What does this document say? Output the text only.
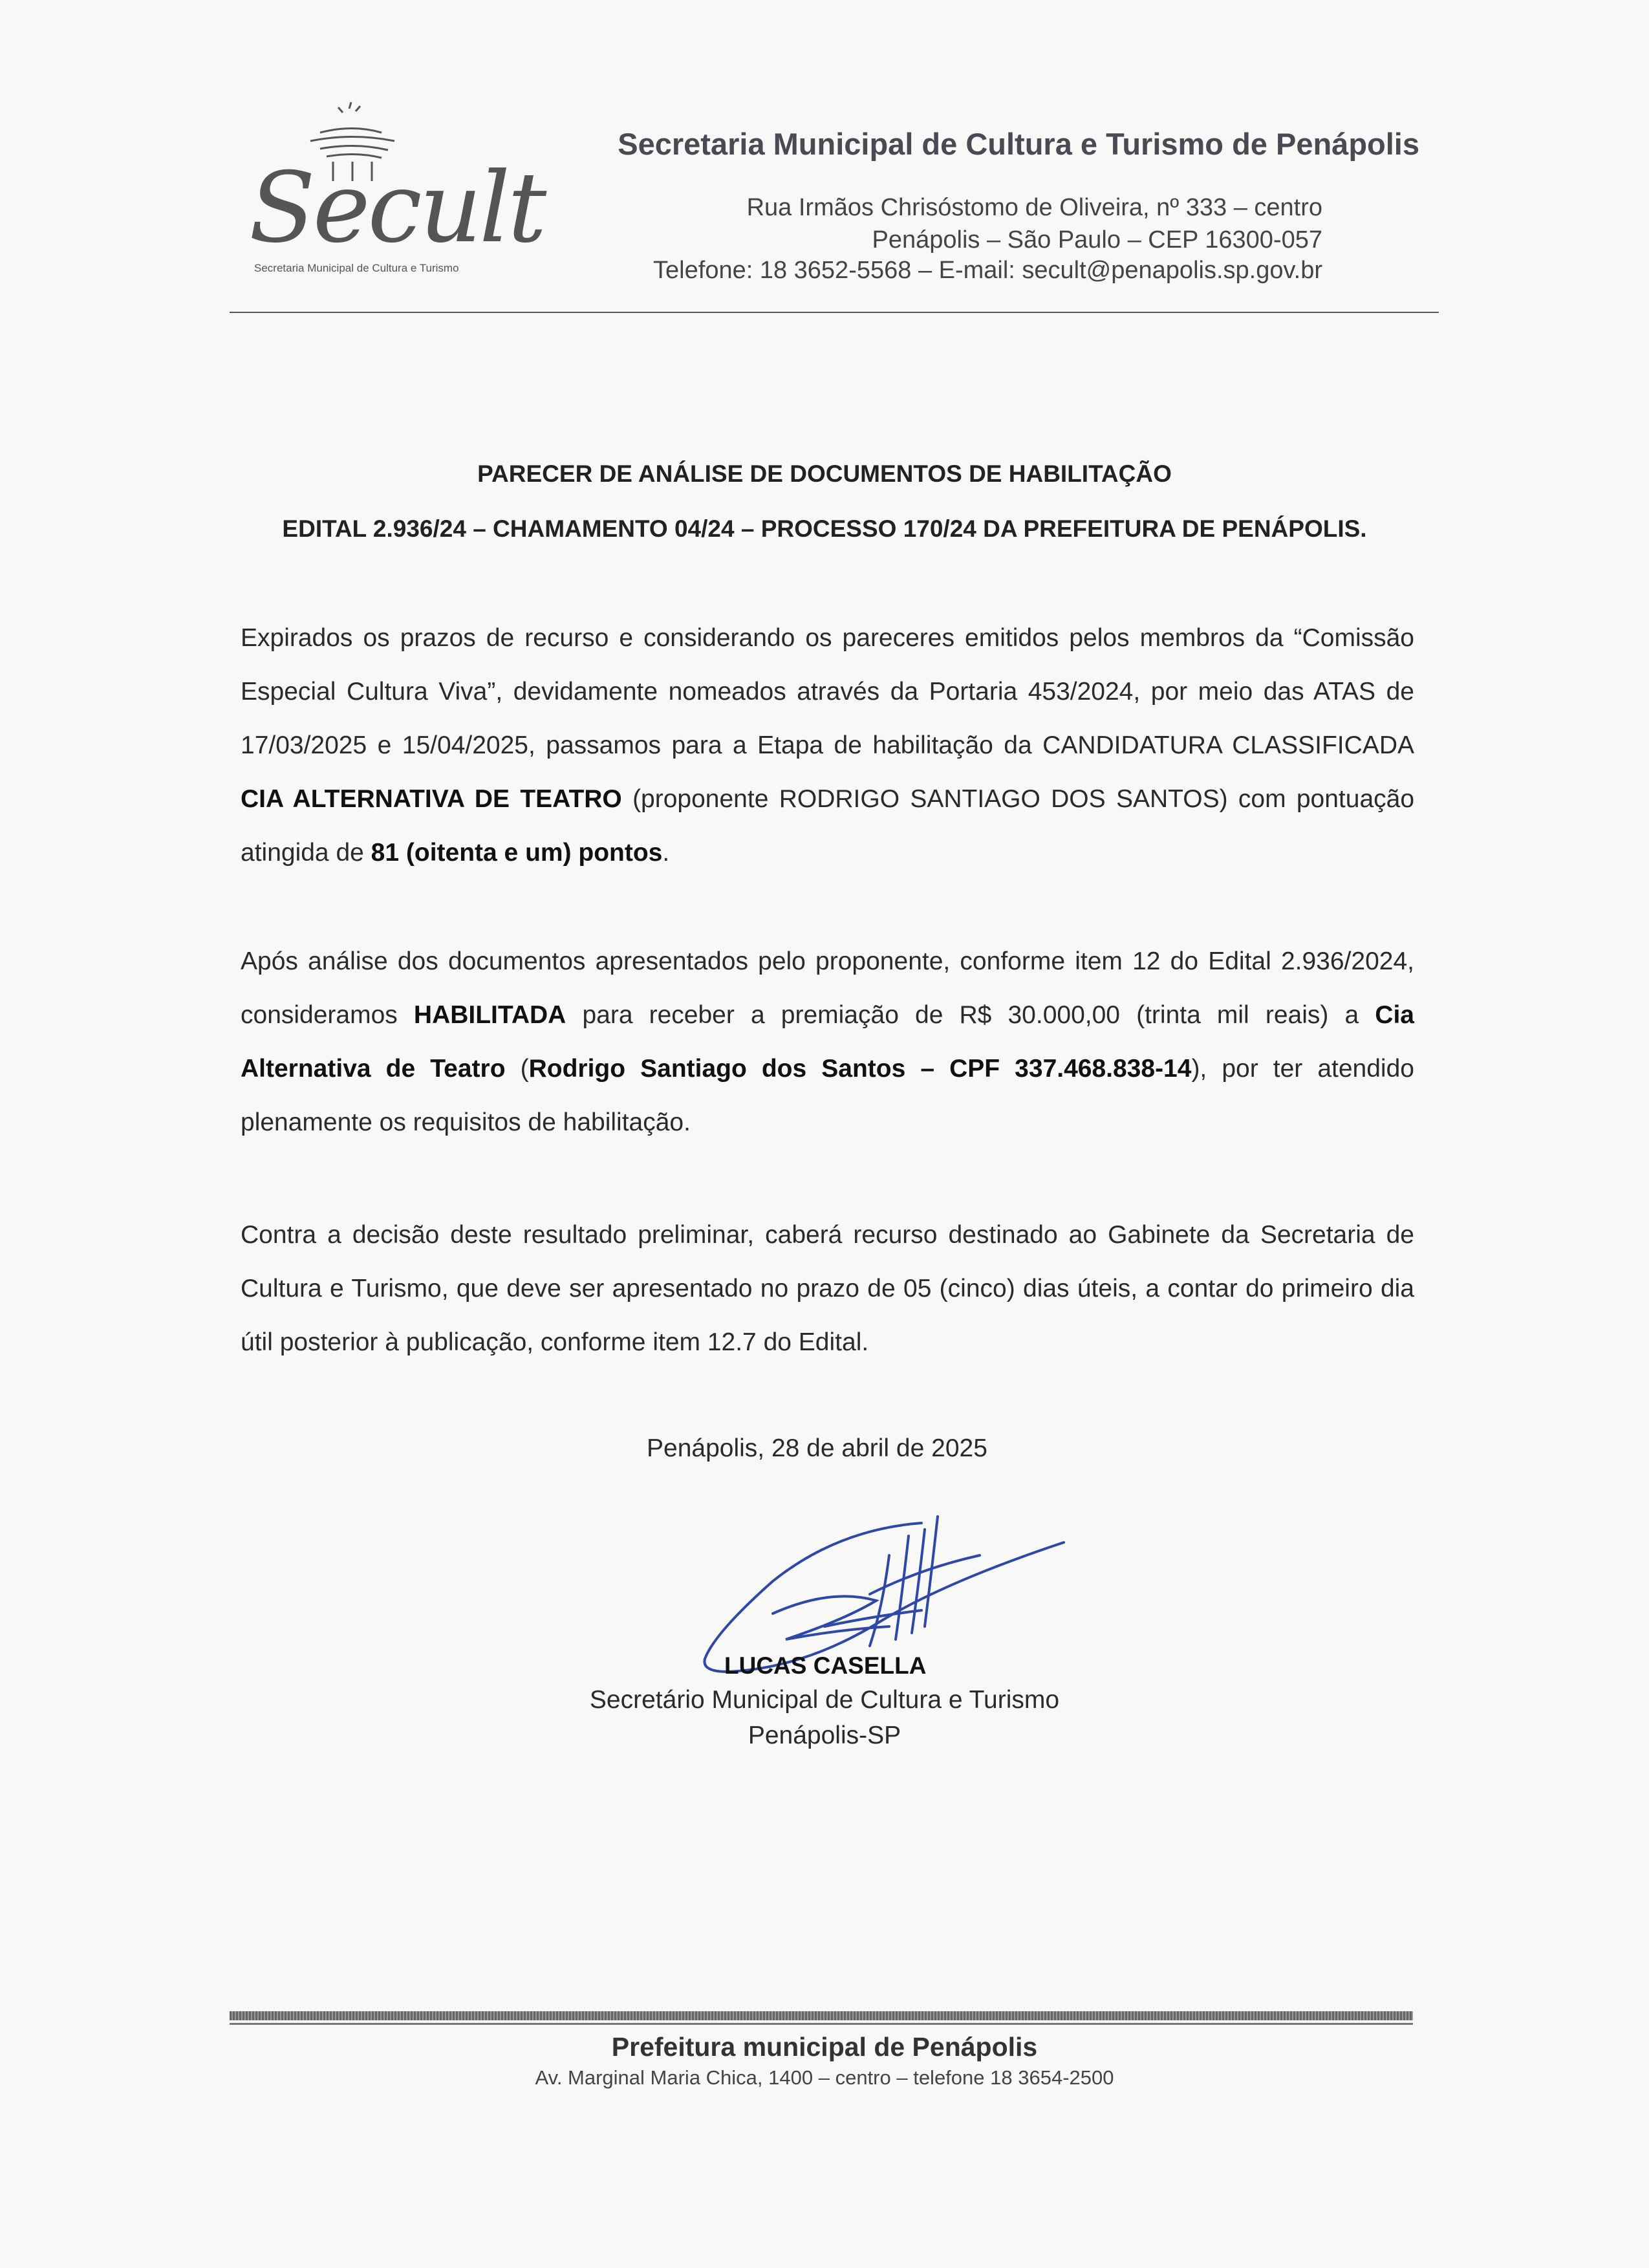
Secult
Secretaria Municipal de Cultura e Turismo
Secretaria Municipal de Cultura e Turismo de Penápolis
Rua Irmãos Chrisóstomo de Oliveira, nº 333 – centro
Penápolis – São Paulo – CEP 16300-057
Telefone: 18 3652-5568 – E-mail: secult@penapolis.sp.gov.br
PARECER DE ANÁLISE DE DOCUMENTOS DE HABILITAÇÃO
EDITAL 2.936/24 – CHAMAMENTO 04/24 – PROCESSO 170/24 DA PREFEITURA DE PENÁPOLIS.
Expirados os prazos de recurso e considerando os pareceres emitidos pelos membros da “Comissão Especial Cultura Viva”, devidamente nomeados através da Portaria 453/2024, por meio das ATAS de 17/03/2025 e 15/04/2025, passamos para a Etapa de habilitação da CANDIDATURA CLASSIFICADA CIA ALTERNATIVA DE TEATRO (proponente RODRIGO SANTIAGO DOS SANTOS) com pontuação atingida de 81 (oitenta e um) pontos.
Após análise dos documentos apresentados pelo proponente, conforme item 12 do Edital 2.936/2024, consideramos HABILITADA para receber a premiação de R$ 30.000,00 (trinta mil reais) a Cia Alternativa de Teatro (Rodrigo Santiago dos Santos – CPF 337.468.838-14), por ter atendido plenamente os requisitos de habilitação.
Contra a decisão deste resultado preliminar, caberá recurso destinado ao Gabinete da Secretaria de Cultura e Turismo, que deve ser apresentado no prazo de 05 (cinco) dias úteis, a contar do primeiro dia útil posterior à publicação, conforme item 12.7 do Edital.
Penápolis, 28 de abril de 2025
LUCAS CASELLA
Secretário Municipal de Cultura e Turismo
Penápolis-SP
Prefeitura municipal de Penápolis
Av. Marginal Maria Chica, 1400 – centro – telefone 18 3654-2500
